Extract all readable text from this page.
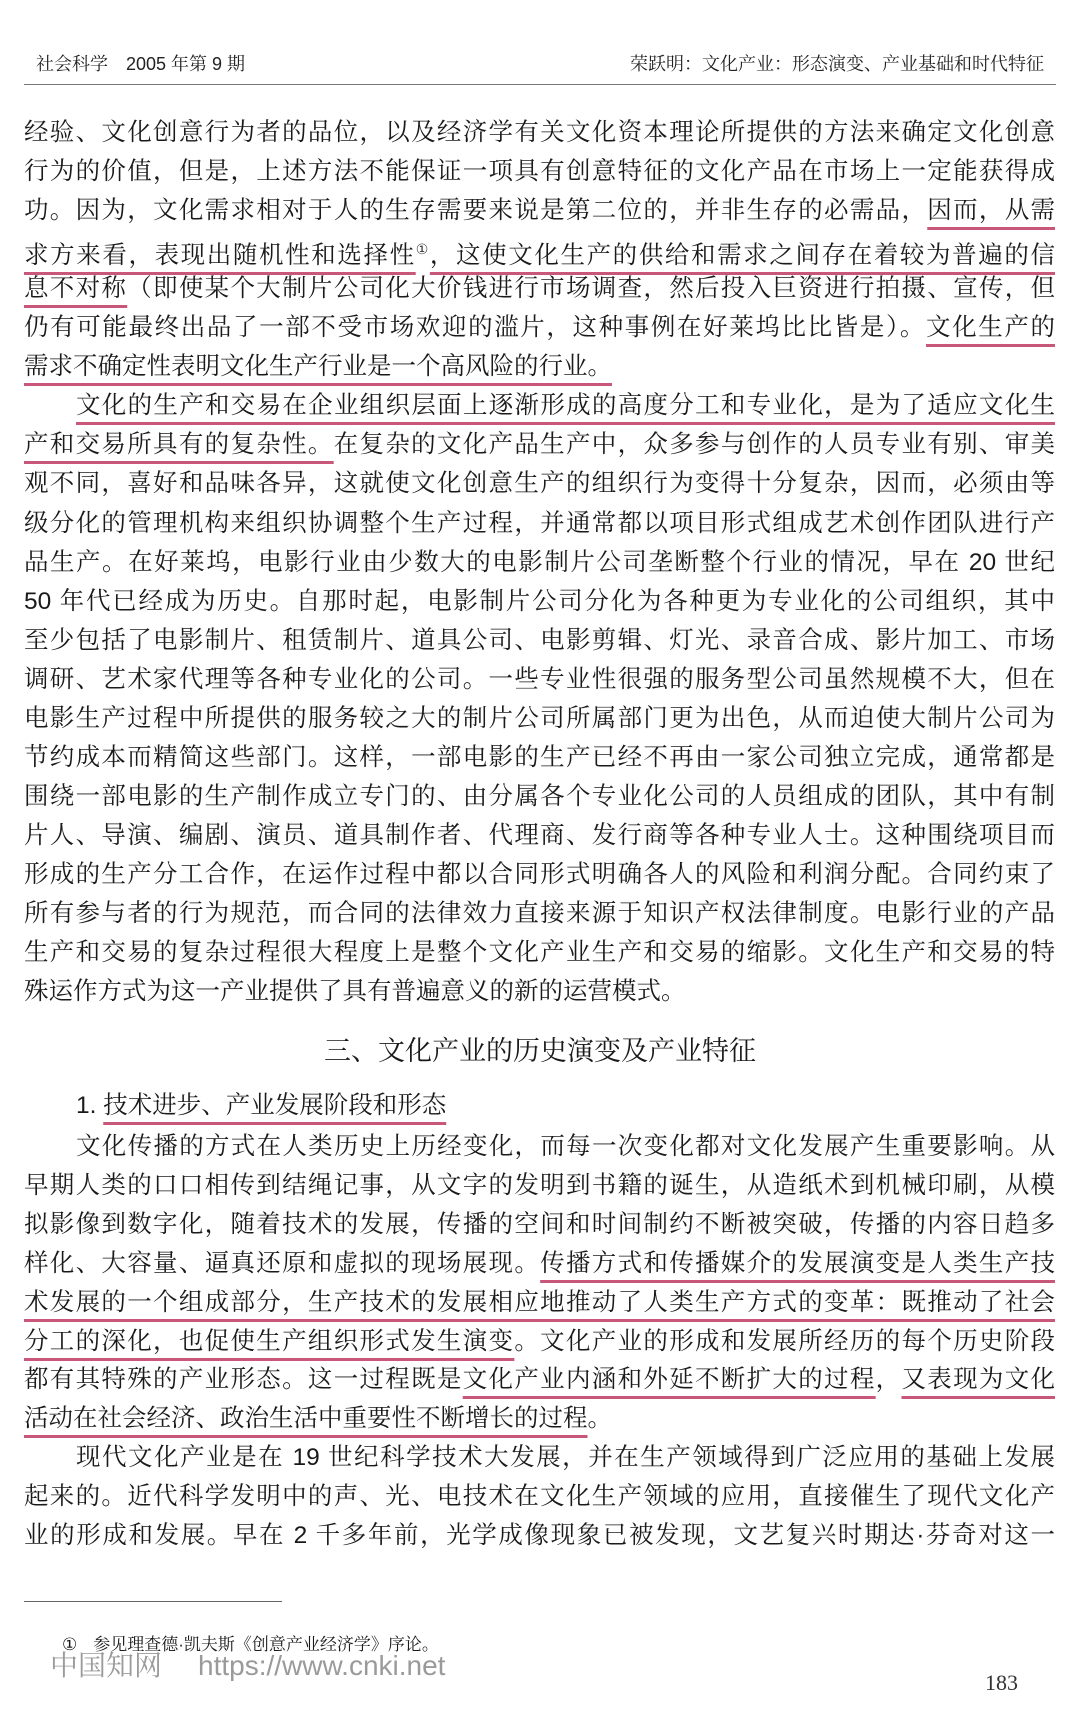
社会科学　2005 年第 9 期	荣跃明：文化产业：形态演变、产业基础和时代特征
经验、文化创意行为者的品位，以及经济学有关文化资本理论所提供的方法来确定文化创意
行为的价值，但是，上述方法不能保证一项具有创意特征的文化产品在市场上一定能获得成
功。因为，文化需求相对于人的生存需要来说是第二位的，并非生存的必需品，因而，从需
求方来看，表现出随机性和选择性①，这使文化生产的供给和需求之间存在着较为普遍的信
息不对称（即使某个大制片公司化大价钱进行市场调查，然后投入巨资进行拍摄、宣传，但
仍有可能最终出品了一部不受市场欢迎的滥片，这种事例在好莱坞比比皆是）。文化生产的
需求不确定性表明文化生产行业是一个高风险的行业。
文化的生产和交易在企业组织层面上逐渐形成的高度分工和专业化，是为了适应文化生
产和交易所具有的复杂性。在复杂的文化产品生产中，众多参与创作的人员专业有别、审美
观不同，喜好和品味各异，这就使文化创意生产的组织行为变得十分复杂，因而，必须由等
级分化的管理机构来组织协调整个生产过程，并通常都以项目形式组成艺术创作团队进行产
品生产。在好莱坞，电影行业由少数大的电影制片公司垄断整个行业的情况，早在 20 世纪
50 年代已经成为历史。自那时起，电影制片公司分化为各种更为专业化的公司组织，其中
至少包括了电影制片、租赁制片、道具公司、电影剪辑、灯光、录音合成、影片加工、市场
调研、艺术家代理等各种专业化的公司。一些专业性很强的服务型公司虽然规模不大，但在
电影生产过程中所提供的服务较之大的制片公司所属部门更为出色，从而迫使大制片公司为
节约成本而精简这些部门。这样，一部电影的生产已经不再由一家公司独立完成，通常都是
围绕一部电影的生产制作成立专门的、由分属各个专业化公司的人员组成的团队，其中有制
片人、导演、编剧、演员、道具制作者、代理商、发行商等各种专业人士。这种围绕项目而
形成的生产分工合作，在运作过程中都以合同形式明确各人的风险和利润分配。合同约束了
所有参与者的行为规范，而合同的法律效力直接来源于知识产权法律制度。电影行业的产品
生产和交易的复杂过程很大程度上是整个文化产业生产和交易的缩影。文化生产和交易的特
殊运作方式为这一产业提供了具有普遍意义的新的运营模式。
三、文化产业的历史演变及产业特征
1. 技术进步、产业发展阶段和形态
文化传播的方式在人类历史上历经变化，而每一次变化都对文化发展产生重要影响。从
早期人类的口口相传到结绳记事，从文字的发明到书籍的诞生，从造纸术到机械印刷，从模
拟影像到数字化，随着技术的发展，传播的空间和时间制约不断被突破，传播的内容日趋多
样化、大容量、逼真还原和虚拟的现场展现。传播方式和传播媒介的发展演变是人类生产技
术发展的一个组成部分，生产技术的发展相应地推动了人类生产方式的变革：既推动了社会
分工的深化，也促使生产组织形式发生演变。文化产业的形成和发展所经历的每个历史阶段
都有其特殊的产业形态。这一过程既是文化产业内涵和外延不断扩大的过程，又表现为文化
活动在社会经济、政治生活中重要性不断增长的过程。
现代文化产业是在 19 世纪科学技术大发展，并在生产领域得到广泛应用的基础上发展
起来的。近代科学发明中的声、光、电技术在文化生产领域的应用，直接催生了现代文化产
业的形成和发展。早在 2 千多年前，光学成像现象已被发现，文艺复兴时期达·芬奇对这一
① 参见理查德·凯夫斯《创意产业经济学》序论。
中国知网 https://www.cnki.net
183
